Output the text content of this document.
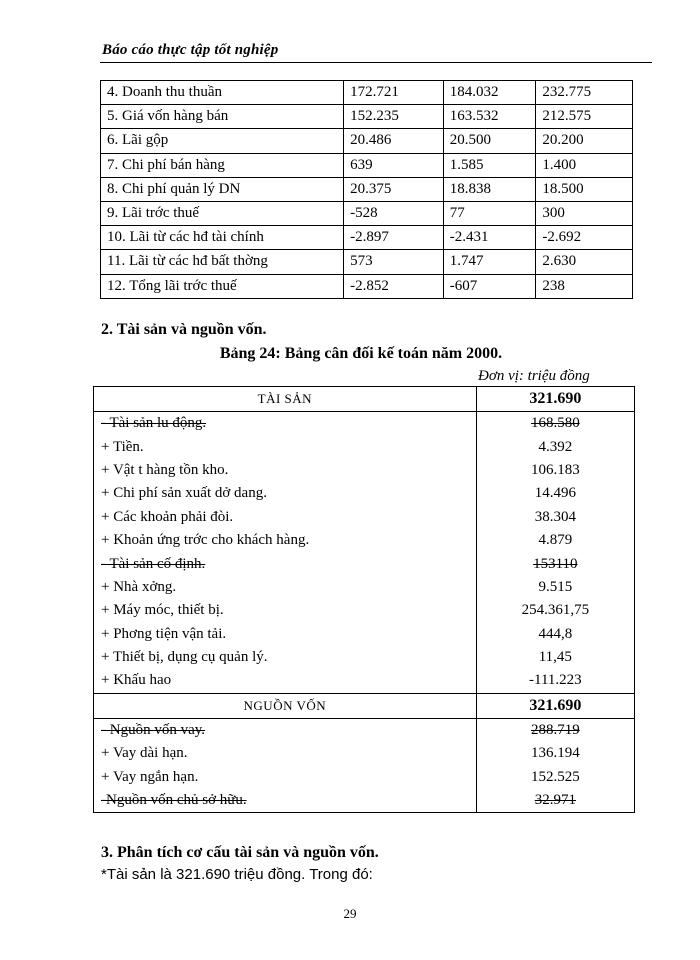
Báo cáo thực tập tốt nghiệp
4. Doanh thu thuần	172.721	184.032	232.775
5. Giá vốn hàng bán	152.235	163.532	212.575
6. Lãi gộp	20.486	20.500	20.200
7. Chi phí bán hàng	639	1.585	1.400
8. Chi phí quản lý DN	20.375	18.838	18.500
9. Lãi trớc thuế	-528	77	300
10. Lãi từ các hđ tài chính	-2.897	-2.431	-2.692
11. Lãi từ các hđ bất thờng	573	1.747	2.630
12. Tổng lãi trớc thuế	-2.852	-607	238
2. Tài sản và nguồn vốn.
Bảng 24: Bảng cân đối kế toán năm 2000.
Đơn vị: triệu đồng
TÀI SẢN	321.690
- Tài sản lu động.	168.580
+ Tiền.	4.392
+ Vật t hàng tồn kho.	106.183
+ Chi phí sản xuất dở dang.	14.496
+ Các khoản phải đòi.	38.304
+ Khoản ứng trớc cho khách hàng.	4.879
- Tài sản cố định.	153110
+ Nhà xởng.	9.515
+ Máy móc, thiết bị.	254.361,75
+ Phơng tiện vận tải.	444,8
+ Thiết bị, dụng cụ quản lý.	11,45
+ Khấu hao	-111.223
NGUỒN VỐN	321.690
- Nguồn vốn vay.	288.719
+ Vay dài hạn.	136.194
+ Vay ngắn hạn.	152.525
-Nguồn vốn chủ sở hữu.	32.971
3. Phân tích cơ cấu tài sản và nguồn vốn.
*Tài sản là 321.690 triệu đồng. Trong đó:
29
